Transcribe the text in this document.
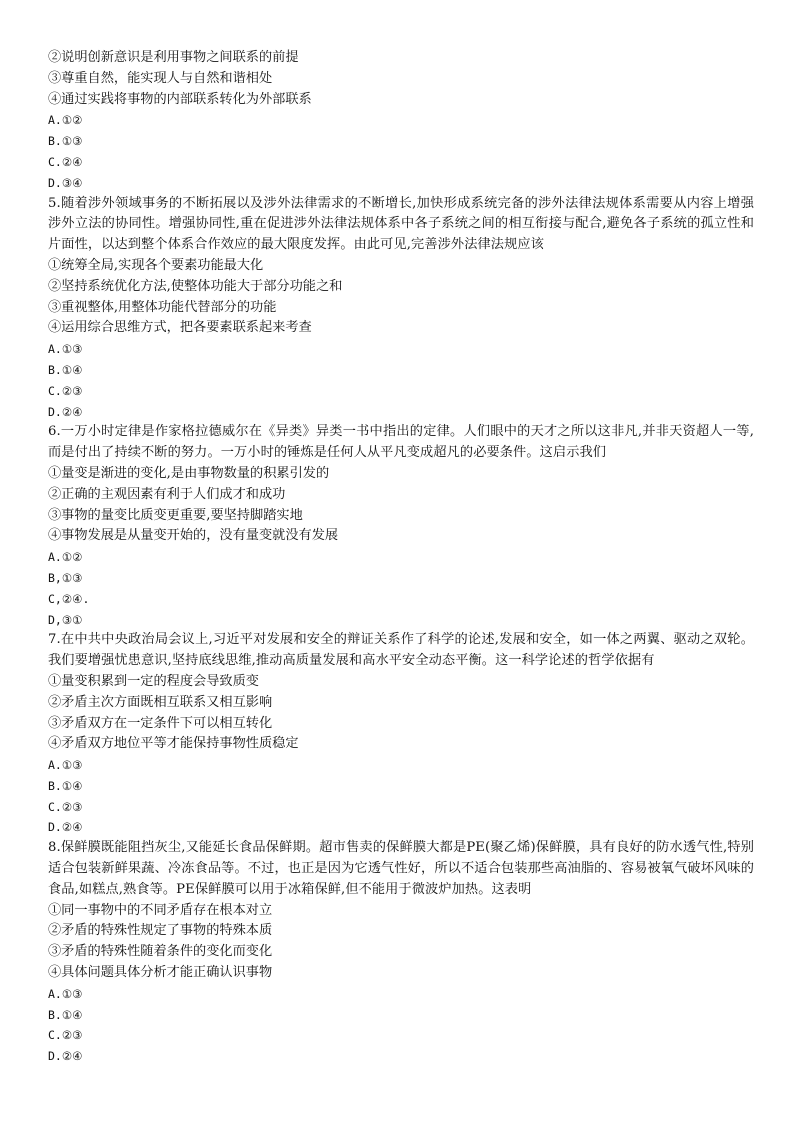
②说明创新意识是利用事物之间联系的前提
③尊重自然，能实现人与自然和谐相处
④通过实践将事物的内部联系转化为外部联系
A.①②
B.①③
C.②④
D.③④
5.随着涉外领域事务的不断拓展以及涉外法律需求的不断增长,加快形成系统完备的涉外法律法规体系需要从内容上增强涉外立法的协同性。增强协同性,重在促进涉外法律法规体系中各子系统之间的相互衔接与配合,避免各子系统的孤立性和片面性，以达到整个体系合作效应的最大限度发挥。由此可见,完善涉外法律法规应该
①统筹全局,实现各个要素功能最大化
②坚持系统优化方法,使整体功能大于部分功能之和
③重视整体,用整体功能代替部分的功能
④运用综合思维方式，把各要素联系起来考查
A.①③
B.①④
C.②③
D.②④
6.一万小时定律是作家格拉德威尔在《异类》异类一书中指出的定律。人们眼中的天才之所以这非凡,并非天资超人一等,而是付出了持续不断的努力。一万小时的锤炼是任何人从平凡变成超凡的必要条件。这启示我们
①量变是渐进的变化,是由事物数量的积累引发的
②正确的主观因素有利于人们成才和成功
③事物的量变比质变更重要,要坚持脚踏实地
④事物发展是从量变开始的，没有量变就没有发展
A.①②
B,①③
C,②④.
D,③①
7.在中共中央政治局会议上,习近平对发展和安全的辩证关系作了科学的论述,发展和安全，如一体之两翼、驱动之双轮。我们要增强忧患意识,坚持底线思维,推动高质量发展和高水平安全动态平衡。这一科学论述的哲学依据有
①量变积累到一定的程度会导致质变
②矛盾主次方面既相互联系又相互影响
③矛盾双方在一定条件下可以相互转化
④矛盾双方地位平等才能保持事物性质稳定
A.①③
B.①④
C.②③
D.②④
8.保鲜膜既能阻挡灰尘,又能延长食品保鲜期。超市售卖的保鲜膜大都是PE(聚乙烯)保鲜膜，具有良好的防水透气性,特别适合包装新鲜果蔬、冷冻食品等。不过，也正是因为它透气性好，所以不适合包装那些高油脂的、容易被氧气破坏风味的食品,如糕点,熟食等。PE保鲜膜可以用于冰箱保鲜,但不能用于微波炉加热。这表明
①同一事物中的不同矛盾存在根本对立
②矛盾的特殊性规定了事物的特殊本质
③矛盾的特殊性随着条件的变化而变化
④具体问题具体分析才能正确认识事物
A.①③
B.①④
C.②③
D.②④
